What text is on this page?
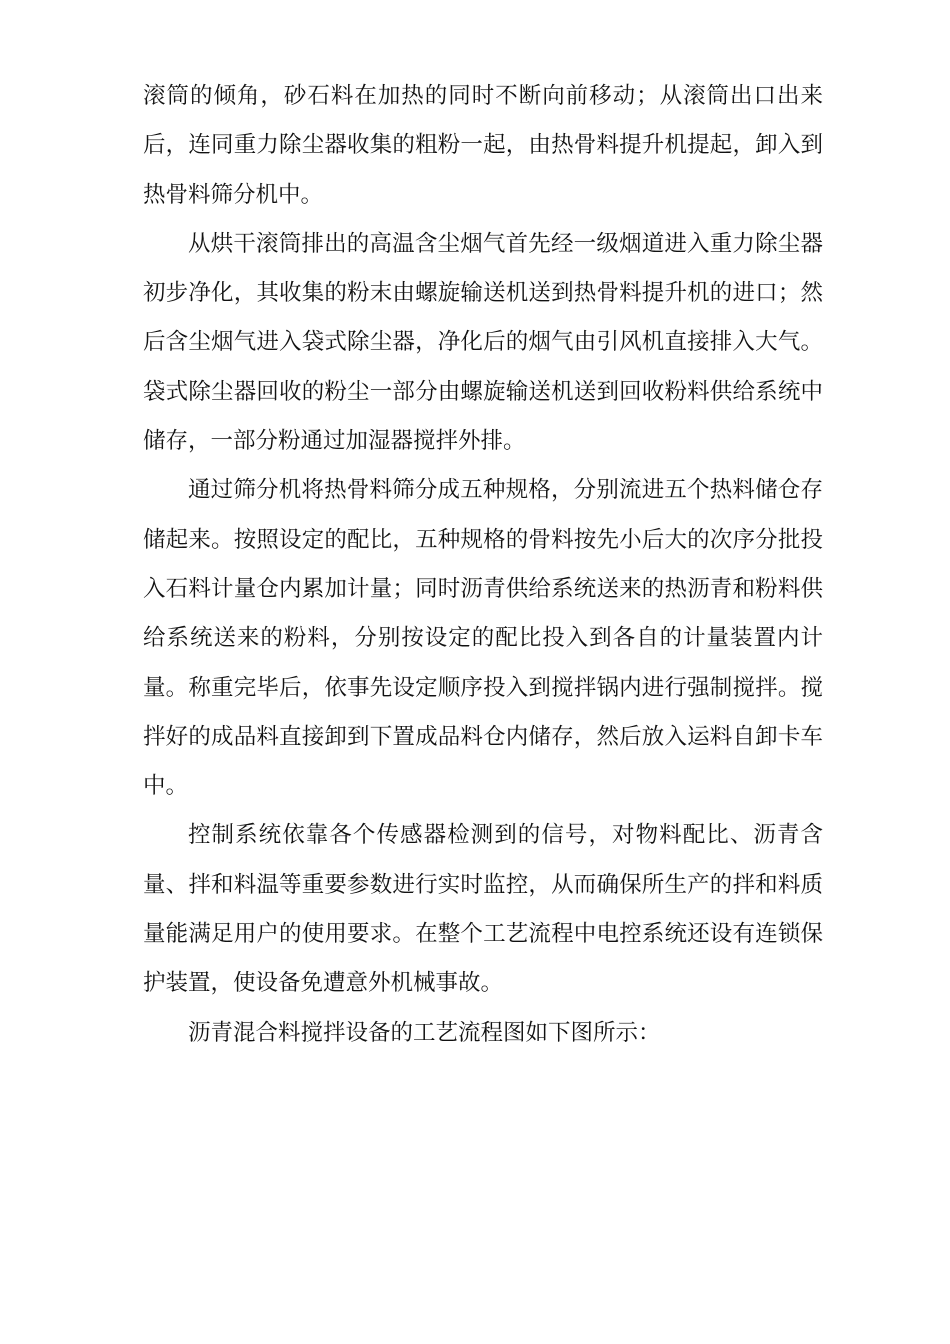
滚筒的倾角，砂石料在加热的同时不断向前移动；从滚筒出口出来后，连同重力除尘器收集的粗粉一起，由热骨料提升机提起，卸入到热骨料筛分机中。

从烘干滚筒排出的高温含尘烟气首先经一级烟道进入重力除尘器初步净化，其收集的粉末由螺旋输送机送到热骨料提升机的进口；然后含尘烟气进入袋式除尘器，净化后的烟气由引风机直接排入大气。袋式除尘器回收的粉尘一部分由螺旋输送机送到回收粉料供给系统中储存，一部分粉通过加湿器搅拌外排。

通过筛分机将热骨料筛分成五种规格，分别流进五个热料储仓存储起来。按照设定的配比，五种规格的骨料按先小后大的次序分批投入石料计量仓内累加计量；同时沥青供给系统送来的热沥青和粉料供给系统送来的粉料，分别按设定的配比投入到各自的计量装置内计量。称重完毕后，依事先设定顺序投入到搅拌锅内进行强制搅拌。搅拌好的成品料直接卸到下置成品料仓内储存，然后放入运料自卸卡车中。

控制系统依靠各个传感器检测到的信号，对物料配比、沥青含量、拌和料温等重要参数进行实时监控，从而确保所生产的拌和料质量能满足用户的使用要求。在整个工艺流程中电控系统还设有连锁保护装置，使设备免遭意外机械事故。

沥青混合料搅拌设备的工艺流程图如下图所示：
